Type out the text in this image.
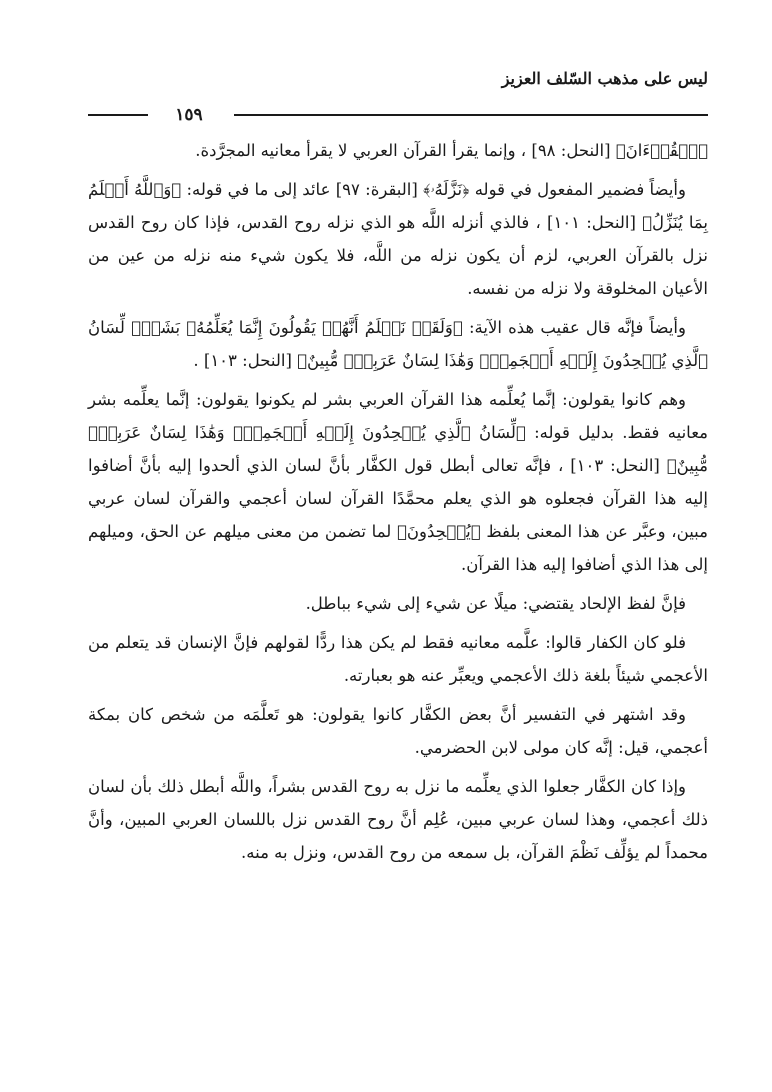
ليس على مذهب السّلف العزيز
١٥٩

ﭐلۡقُرۡءَانَ﴾ [النحل: ٩٨] ، وإنما يقرأ القرآن العربي لا يقرأ معانيه المجرَّدة.

وأيضاً فضمير المفعول في قوله ﴿نَزَّلَهُۥ﴾ [البقرة: ٩٧] عائد إلى ما في قوله: ﴿وَٱللَّهُ أَعۡلَمُ بِمَا يُنَزِّلُ﴾ [النحل: ١٠١] ، فالذي أنزله اللَّه هو الذي نزله روح القدس، فإذا كان روح القدس نزل بالقرآن العربي، لزم أن يكون نزله من اللَّه، فلا يكون شيء منه نزله من عين من الأعيان المخلوقة ولا نزله من نفسه.

وأيضاً فإنَّه قال عقيب هذه الآية: ﴿وَلَقَدۡ نَعۡلَمُ أَنَّهُمۡ يَقُولُونَ إِنَّمَا يُعَلِّمُهُۥ بَشَرٞۗ لِّسَانُ ٱلَّذِي يُلۡحِدُونَ إِلَيۡهِ أَعۡجَمِيّٞ وَهَٰذَا لِسَانٌ عَرَبِيّٞ مُّبِينٌ﴾ [النحل: ١٠٣] .

وهم كانوا يقولون: إنَّما يُعلِّمه هذا القرآن العربي بشر لم يكونوا يقولون: إنَّما يعلِّمه بشر معانيه فقط. بدليل قوله: ﴿لِّسَانُ ٱلَّذِي يُلۡحِدُونَ إِلَيۡهِ أَعۡجَمِيّٞ وَهَٰذَا لِسَانٌ عَرَبِيّٞ مُّبِينٌ﴾ [النحل: ١٠٣] ، فإنَّه تعالى أبطل قول الكفَّار بأنَّ لسان الذي ألحدوا إليه بأنَّ أضافوا إليه هذا القرآن فجعلوه هو الذي يعلم محمَّدًا القرآن لسان أعجمي والقرآن لسان عربي مبين، وعبَّر عن هذا المعنى بلفظ ﴿يُلۡحِدُونَ﴾ لما تضمن من معنى ميلهم عن الحق، وميلهم إلى هذا الذي أضافوا إليه هذا القرآن.

فإنَّ لفظ الإلحاد يقتضي: ميلًا عن شيء إلى شيء بباطل.

فلو كان الكفار قالوا: علَّمه معانيه فقط لم يكن هذا ردًّا لقولهم فإنَّ الإنسان قد يتعلم من الأعجمي شيئاً بلغة ذلك الأعجمي ويعبِّر عنه هو بعبارته.

وقد اشتهر في التفسير أنَّ بعض الكفَّار كانوا يقولون: هو تَعلَّمَه من شخص كان بمكة أعجمي، قيل: إنَّه كان مولى لابن الحضرمي.

وإذا كان الكفَّار جعلوا الذي يعلِّمه ما نزل به روح القدس بشراً، واللَّه أبطل ذلك بأن لسان ذلك أعجمي، وهذا لسان عربي مبين، عُلِم أنَّ روح القدس نزل باللسان العربي المبين، وأنَّ محمداً لم يؤلِّف نَظْمَ القرآن، بل سمعه من روح القدس، ونزل به منه.
